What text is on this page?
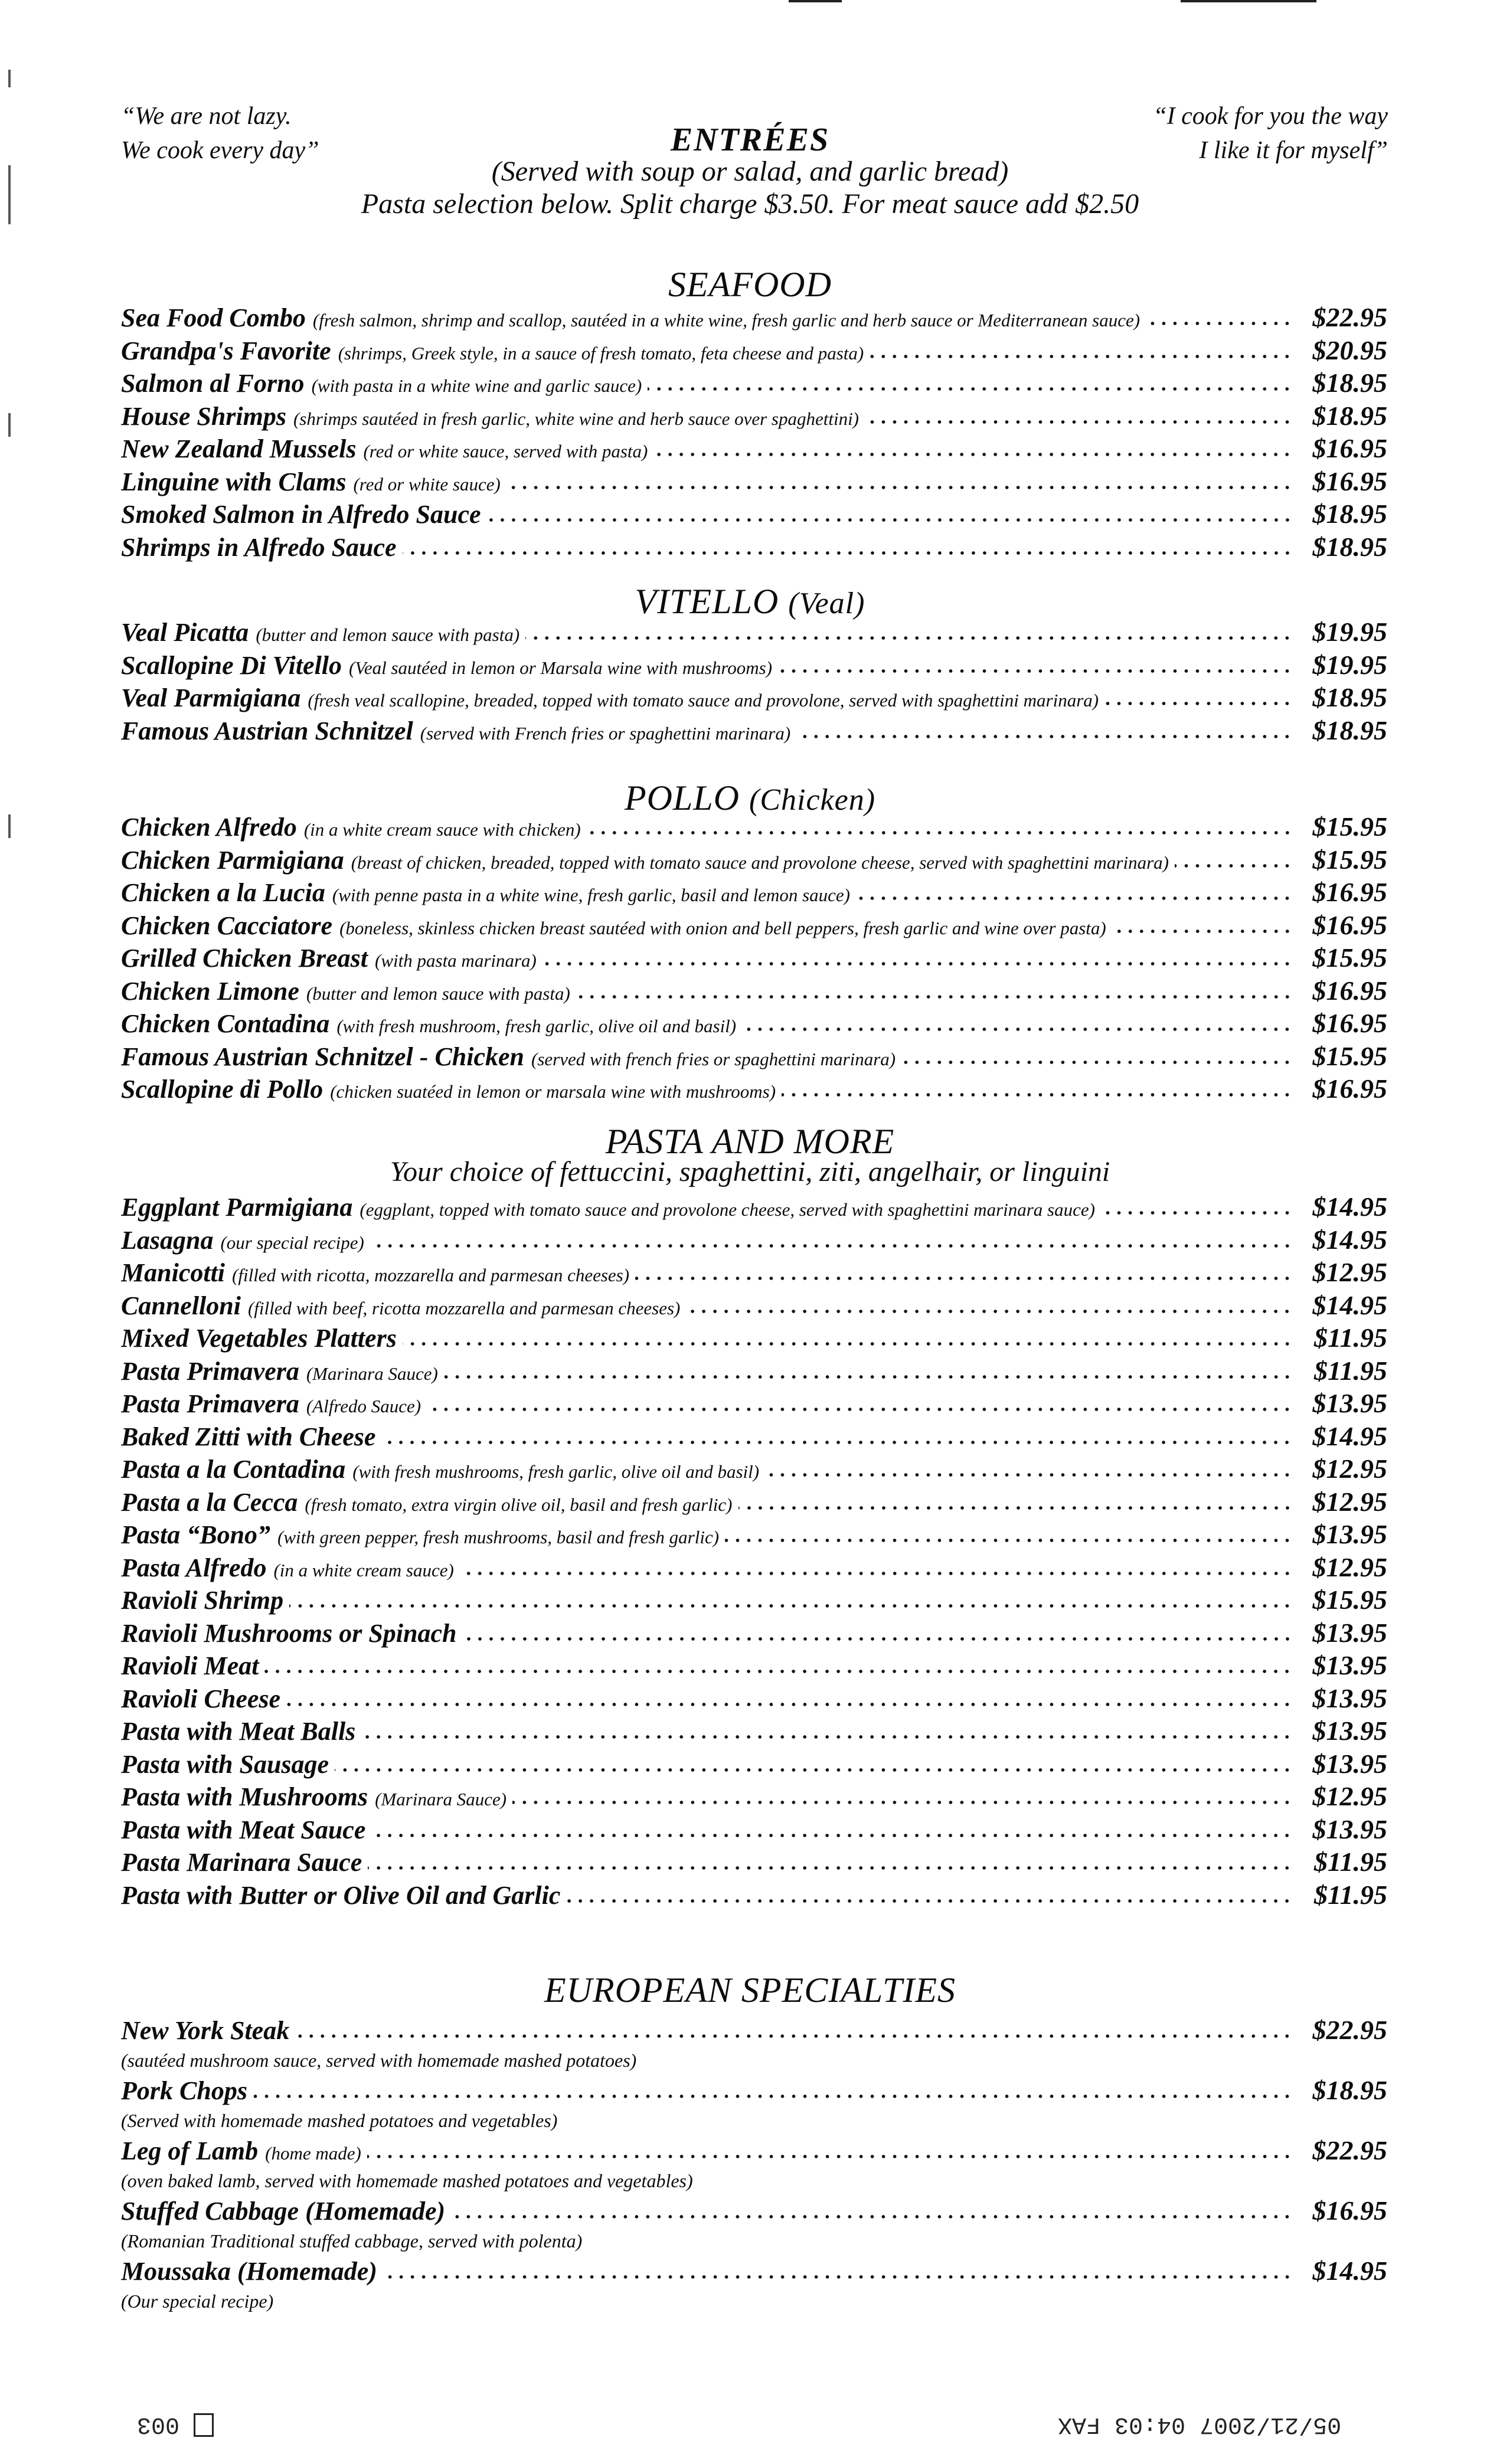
“We are not lazy.
We cook every day”
“I cook for you the way
I like it for myself”
ENTRÉES
(Served with soup or salad, and garlic bread)
Pasta selection below. Split charge $3.50. For meat sauce add $2.50
SEAFOOD
Sea Food Combo (fresh salmon, shrimp and scallop, sautéed in a white wine, fresh garlic and herb sauce or Mediterranean sauce)	$22.95
Grandpa's Favorite (shrimps, Greek style, in a sauce of fresh tomato, feta cheese and pasta)	$20.95
Salmon al Forno (with pasta in a white wine and garlic sauce)	$18.95
House Shrimps (shrimps sautéed in fresh garlic, white wine and herb sauce over spaghettini)	$18.95
New Zealand Mussels (red or white sauce, served with pasta)	$16.95
Linguine with Clams (red or white sauce)	$16.95
Smoked Salmon in Alfredo Sauce	$18.95
Shrimps in Alfredo Sauce	$18.95
VITELLO (Veal)
Veal Picatta (butter and lemon sauce with pasta)	$19.95
Scallopine Di Vitello (Veal sautéed in lemon or Marsala wine with mushrooms)	$19.95
Veal Parmigiana (fresh veal scallopine, breaded, topped with tomato sauce and provolone, served with spaghettini marinara)	$18.95
Famous Austrian Schnitzel (served with French fries or spaghettini marinara)	$18.95
POLLO (Chicken)
Chicken Alfredo (in a white cream sauce with chicken)	$15.95
Chicken Parmigiana (breast of chicken, breaded, topped with tomato sauce and provolone cheese, served with spaghettini marinara)	$15.95
Chicken a la Lucia (with penne pasta in a white wine, fresh garlic, basil and lemon sauce)	$16.95
Chicken Cacciatore (boneless, skinless chicken breast sautéed with onion and bell peppers, fresh garlic and wine over pasta)	$16.95
Grilled Chicken Breast (with pasta marinara)	$15.95
Chicken Limone (butter and lemon sauce with pasta)	$16.95
Chicken Contadina (with fresh mushroom, fresh garlic, olive oil and basil)	$16.95
Famous Austrian Schnitzel - Chicken (served with french fries or spaghettini marinara)	$15.95
Scallopine di Pollo (chicken suatéed in lemon or marsala wine with mushrooms)	$16.95
PASTA AND MORE
Your choice of fettuccini, spaghettini, ziti, angelhair, or linguini
Eggplant Parmigiana (eggplant, topped with tomato sauce and provolone cheese, served with spaghettini marinara sauce)	$14.95
Lasagna (our special recipe)	$14.95
Manicotti (filled with ricotta, mozzarella and parmesan cheeses)	$12.95
Cannelloni (filled with beef, ricotta mozzarella and parmesan cheeses)	$14.95
Mixed Vegetables Platters	$11.95
Pasta Primavera (Marinara Sauce)	$11.95
Pasta Primavera (Alfredo Sauce)	$13.95
Baked Zitti with Cheese	$14.95
Pasta a la Contadina (with fresh mushrooms, fresh garlic, olive oil and basil)	$12.95
Pasta a la Cecca (fresh tomato, extra virgin olive oil, basil and fresh garlic)	$12.95
Pasta “Bono” (with green pepper, fresh mushrooms, basil and fresh garlic)	$13.95
Pasta Alfredo (in a white cream sauce)	$12.95
Ravioli Shrimp	$15.95
Ravioli Mushrooms or Spinach	$13.95
Ravioli Meat	$13.95
Ravioli Cheese	$13.95
Pasta with Meat Balls	$13.95
Pasta with Sausage	$13.95
Pasta with Mushrooms (Marinara Sauce)	$12.95
Pasta with Meat Sauce	$13.95
Pasta Marinara Sauce	$11.95
Pasta with Butter or Olive Oil and Garlic	$11.95
EUROPEAN SPECIALTIES
New York Steak	$22.95
(sautéed mushroom sauce, served with homemade mashed potatoes)
Pork Chops	$18.95
(Served with homemade mashed potatoes and vegetables)
Leg of Lamb (home made)	$22.95
(oven baked lamb, served with homemade mashed potatoes and vegetables)
Stuffed Cabbage (Homemade)	$16.95
(Romanian Traditional stuffed cabbage, served with polenta)
Moussaka (Homemade)	$14.95
(Our special recipe)
003	05/21/2007 04:03 FAX
